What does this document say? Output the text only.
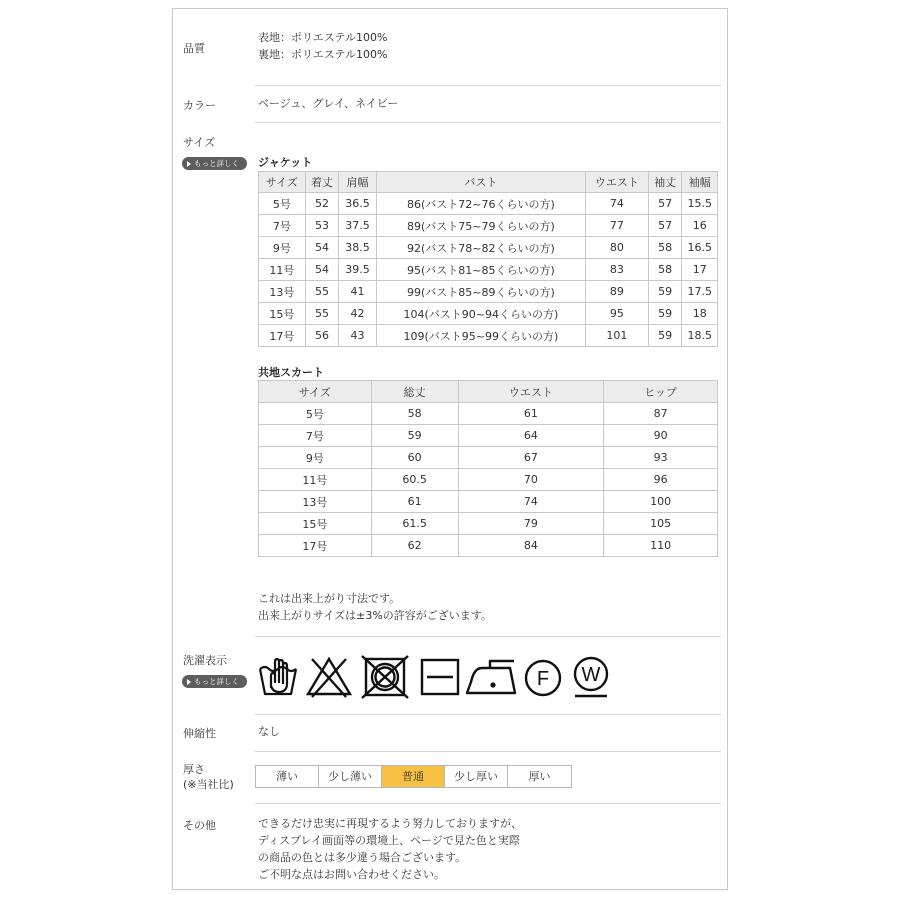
品質
表地：ポリエステル100%
裏地：ポリエステル100%
カラー	ベージュ、グレイ、ネイビー
サイズ
もっと詳しく	ジャケット
サイズ	着丈	肩幅	バスト	ウエスト	袖丈	袖幅
5号	52	36.5	86(バスト72~76くらいの方)	74	57	15.5
7号	53	37.5	89(バスト75~79くらいの方)	77	57	16
9号	54	38.5	92(バスト78~82くらいの方)	80	58	16.5
11号	54	39.5	95(バスト81~85くらいの方)	83	58	17
13号	55	41	99(バスト85~89くらいの方)	89	59	17.5
15号	55	42	104(バスト90~94くらいの方)	95	59	18
17号	56	43	109(バスト95~99くらいの方)	101	59	18.5
共地スカート
サイズ	総丈	ウエスト	ヒップ
5号	58	61	87
7号	59	64	90
9号	60	67	93
11号	60.5	70	96
13号	61	74	100
15号	61.5	79	105
17号	62	84	110
これは出来上がり寸法です。
出来上がりサイズは±3%の許容がございます。
洗濯表示
もっと詳しく	F W
伸縮性	なし
厚さ
(※当社比)
薄い	少し薄い	普通	少し厚い	厚い
その他	できるだけ忠実に再現するよう努力しておりますが、
ディスプレイ画面等の環境上、ページで見た色と実際
の商品の色とは多少違う場合ございます。
ご不明な点はお問い合わせください。
